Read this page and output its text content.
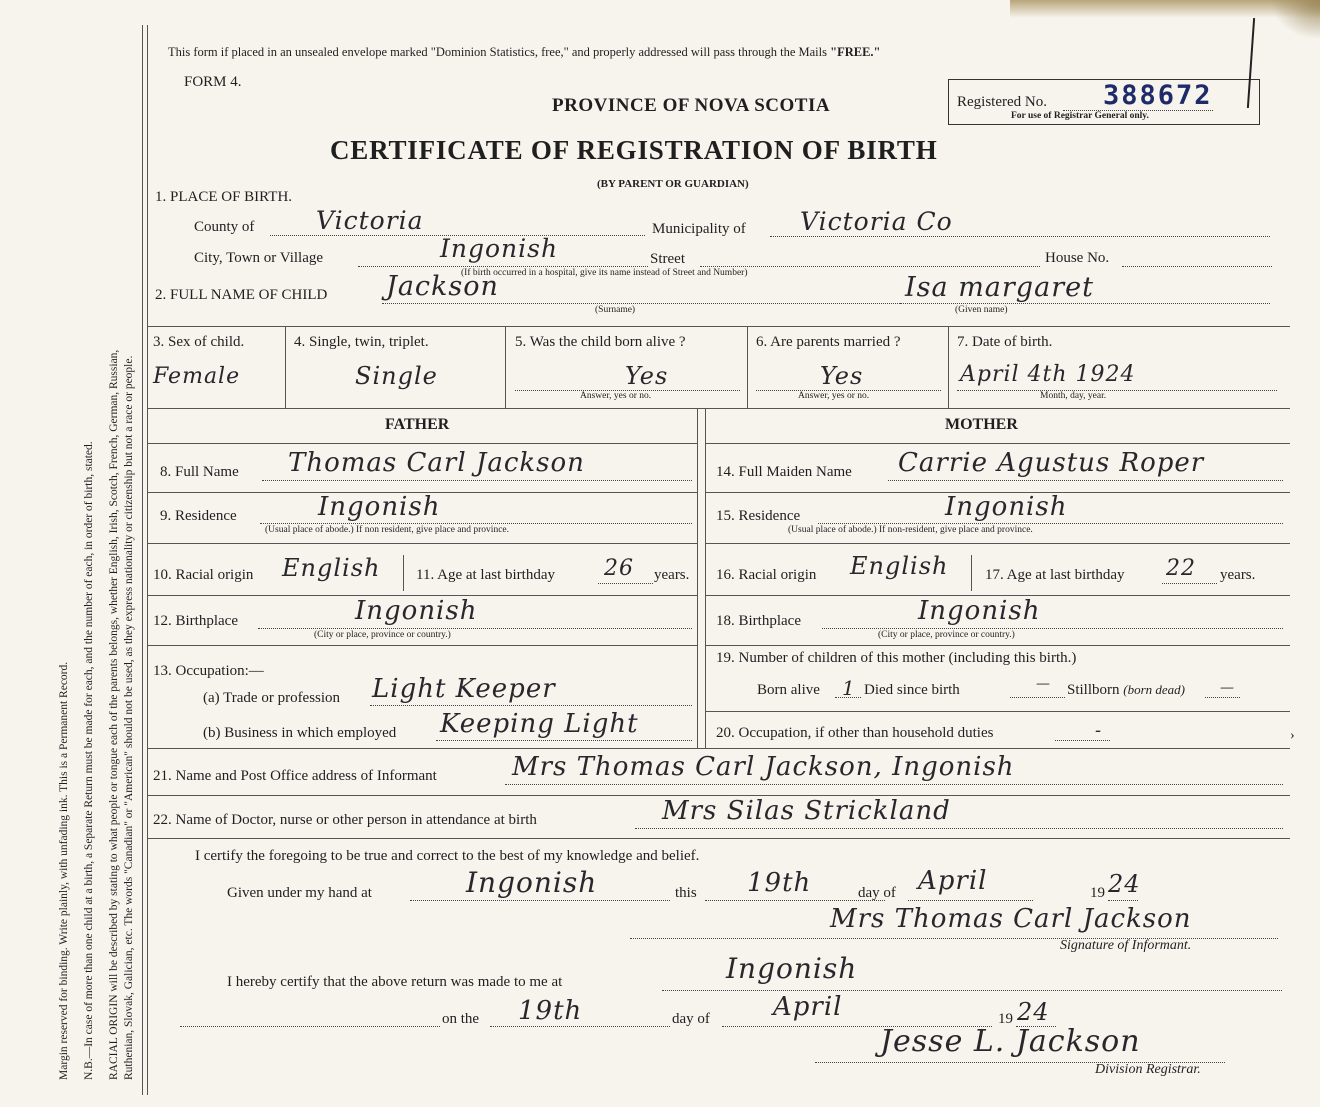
Margin reserved for binding. Write plainly, with unfading ink. This is a Permanent Record. N.B.—In case of more than one child at a birth, a Separate Return must be made for each, and the number of each, in order of birth, stated. RACIAL ORIGIN will be described by stating to what people or tongue each of the parents belongs, whether English, Irish, Scotch, French, German, Russian, Ruthenian, Slovak, Galician, etc. The words "Canadian" or "American" should not be used, as they express nationality or citizenship but not a race or people.
This form if placed in an unsealed envelope marked "Dominion Statistics, free," and properly addressed will pass through the Mails "FREE."
FORM 4.
PROVINCE OF NOVA SCOTIA
CERTIFICATE OF REGISTRATION OF BIRTH
(BY PARENT OR GUARDIAN)
Registered No. 388672
For use of Registrar General only.
1. PLACE OF BIRTH.
County of Victoria	Municipality of Victoria Co
City, Town or Village	Ingonish	Street	House No.
(If birth occurred in a hospital, give its name instead of Street and Number)
2. FULL NAME OF CHILD Jackson	Isa margaret
(Surname)	(Given name)
3. Sex of child.
Female
4. Single, twin, triplet.
Single
5. Was the child born alive ?
Yes
Answer, yes or no.
6. Are parents married ?
Yes
Answer, yes or no.
7. Date of birth.
April 4th 1924
Month, day, year.
FATHER	MOTHER
8. Full Name Thomas Carl Jackson	14. Full Maiden Name Carrie Agustus Roper
9. Residence	Ingonish
(Usual place of abode.) If non resident, give place and province.
15. Residence	Ingonish
(Usual place of abode.) If non-resident, give place and province.
10. Racial origin English 11. Age at last birthday 26 years. 16. Racial origin English 17. Age at last birthday 22 years.
12. Birthplace	Ingonish
(City or place, province or country.)
18. Birthplace	Ingonish
(City or place, province or country.)
13. Occupation:—
(a) Trade or profession Light Keeper
(b) Business in which employed Keeping Light
19. Number of children of this mother (including this birth.)
Born alive 1 Died since birth	— Stillborn (born dead) —
20. Occupation, if other than household duties	-
21. Name and Post Office address of Informant	Mrs Thomas Carl Jackson, Ingonish
22. Name of Doctor, nurse or other person in attendance at birth	Mrs Silas Strickland
I certify the foregoing to be true and correct to the best of my knowledge and belief.
Given under my hand at	Ingonish	this 19th	day of April	19 24
Mrs Thomas Carl Jackson
Signature of Informant.
I hereby certify that the above return was made to me at	Ingonish
on the 19th	day of April	19 24
Jesse L. Jackson
Division Registrar.
›
